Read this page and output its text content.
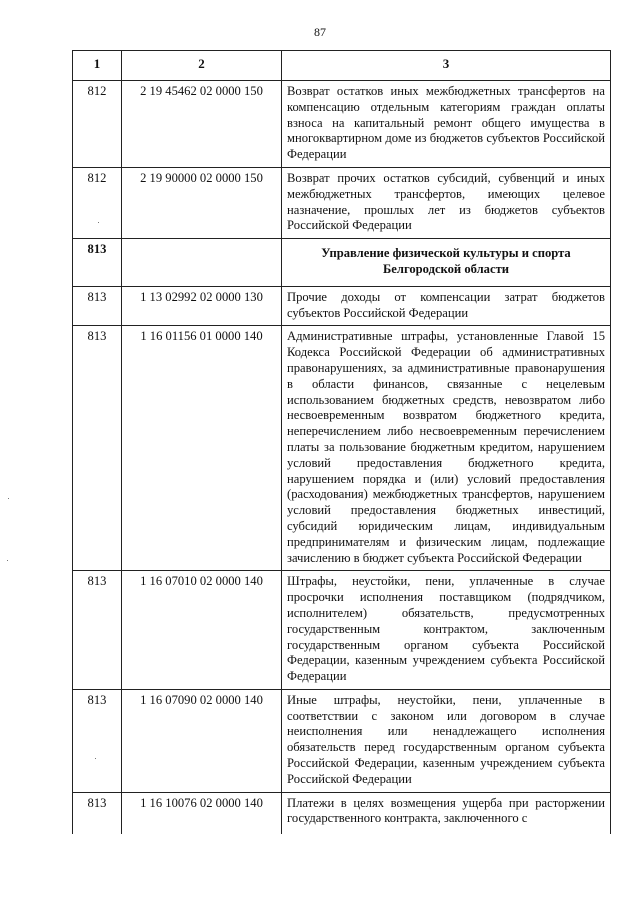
87
1	2	3
812	2 19 45462 02 0000 150	Возврат остатков иных межбюджетных трансфертов на компенсацию отдельным категориям граждан оплаты взноса на капитальный ремонт общего имущества в многоквартирном доме из бюджетов субъектов Российской Федерации
812	2 19 90000 02 0000 150	Возврат прочих остатков субсидий, субвенций и иных межбюджетных трансфертов, имеющих целевое назначение, прошлых лет из бюджетов субъектов Российской Федерации
813		Управление физической культуры и спорта Белгородской области
813	1 13 02992 02 0000 130	Прочие доходы от компенсации затрат бюджетов субъектов Российской Федерации
813	1 16 01156 01 0000 140	Административные штрафы, установленные Главой 15 Кодекса Российской Федерации об административных правонарушениях, за административные правонарушения в области финансов, связанные с нецелевым использованием бюджетных средств, невозвратом либо несвоевременным возвратом бюджетного кредита, неперечислением либо несвоевременным перечислением платы за пользование бюджетным кредитом, нарушением условий предоставления бюджетного кредита, нарушением порядка и (или) условий предоставления (расходования) межбюджетных трансфертов, нарушением условий предоставления бюджетных инвестиций, субсидий юридическим лицам, индивидуальным предпринимателям и физическим лицам, подлежащие зачислению в бюджет субъекта Российской Федерации
813	1 16 07010 02 0000 140	Штрафы, неустойки, пени, уплаченные в случае просрочки исполнения поставщиком (подрядчиком, исполнителем) обязательств, предусмотренных государственным контрактом, заключенным государственным органом субъекта Российской Федерации, казенным учреждением субъекта Российской Федерации
813	1 16 07090 02 0000 140	Иные штрафы, неустойки, пени, уплаченные в соответствии с законом или договором в случае неисполнения или ненадлежащего исполнения обязательств перед государственным органом субъекта Российской Федерации, казенным учреждением субъекта Российской Федерации
813	1 16 10076 02 0000 140	Платежи в целях возмещения ущерба при расторжении государственного контракта, заключенного с
